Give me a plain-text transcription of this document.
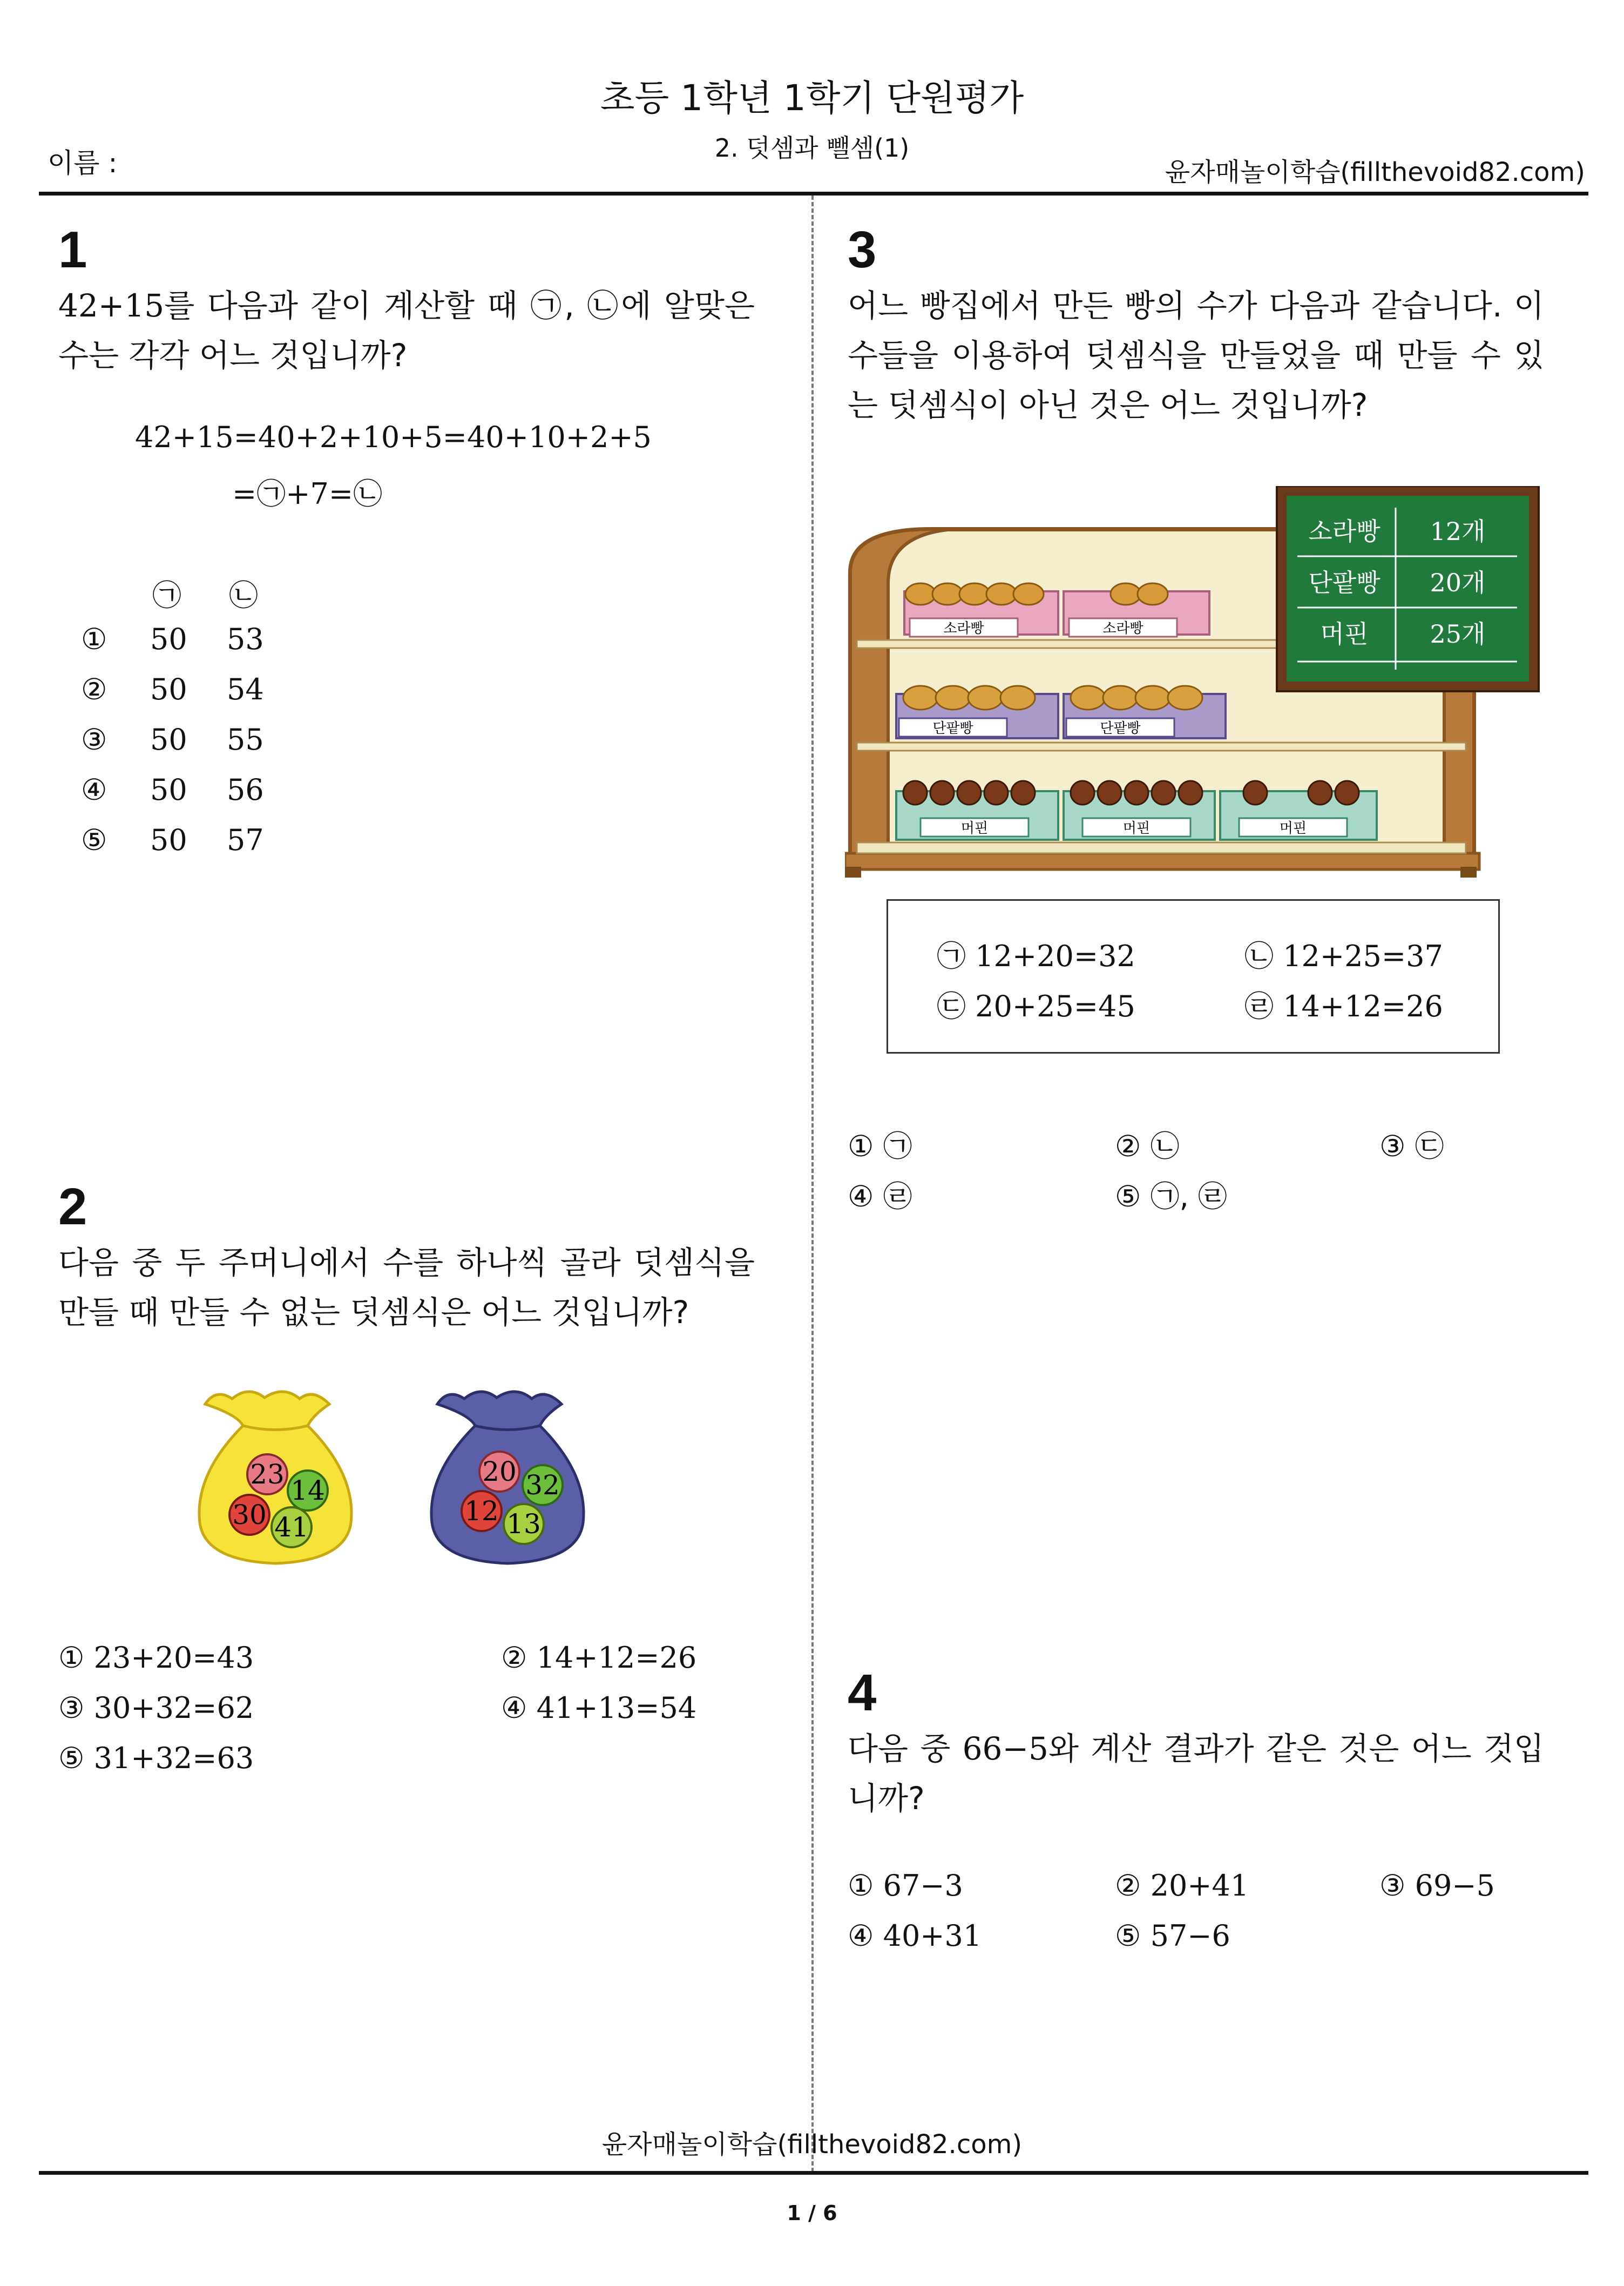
초등 1학년 1학기 단원평가
2. 덧셈과 뺄셈(1)
이름 :	윤자매놀이학습(fillthevoid82.com)
1
42+15를 다음과 같이 계산할 때 ㉠, ㉡에 알맞은 수는 각각 어느 것입니까?
42+15=40+2+10+5=40+10+2+5
=㉠+7=㉡
㉠ ㉡
① 50 53
② 50 54
③ 50 55
④ 50 56
⑤ 50 57
2
다음 중 두 주머니에서 수를 하나씩 골라 덧셈식을 만들 때 만들 수 없는 덧셈식은 어느 것입니까?
23
14
30 41
20 32
12 13
① 23+20=43	② 14+12=26
③ 30+32=62	④ 41+13=54
⑤ 31+32=63
3
어느 빵집에서 만든 빵의 수가 다음과 같습니다. 이 수들을 이용하여 덧셈식을 만들었을 때 만들 수 있는 덧셈식이 아닌 것은 어느 것입니까?
소라빵	소라빵
단팥빵	단팥빵
머핀	머핀	머핀
소라빵 12개
단팥빵 20개
머핀 25개
㉠ 12+20=32	㉡ 12+25=37
㉢ 20+25=45	㉣ 14+12=26
① ㉠	② ㉡	③ ㉢
④ ㉣	⑤ ㉠, ㉣
4
다음 중 66−5와 계산 결과가 같은 것은 어느 것입니까?
① 67−3	② 20+41	③ 69−5
④ 40+31	⑤ 57−6
윤자매놀이학습(fillthevoid82.com)
1 / 6
